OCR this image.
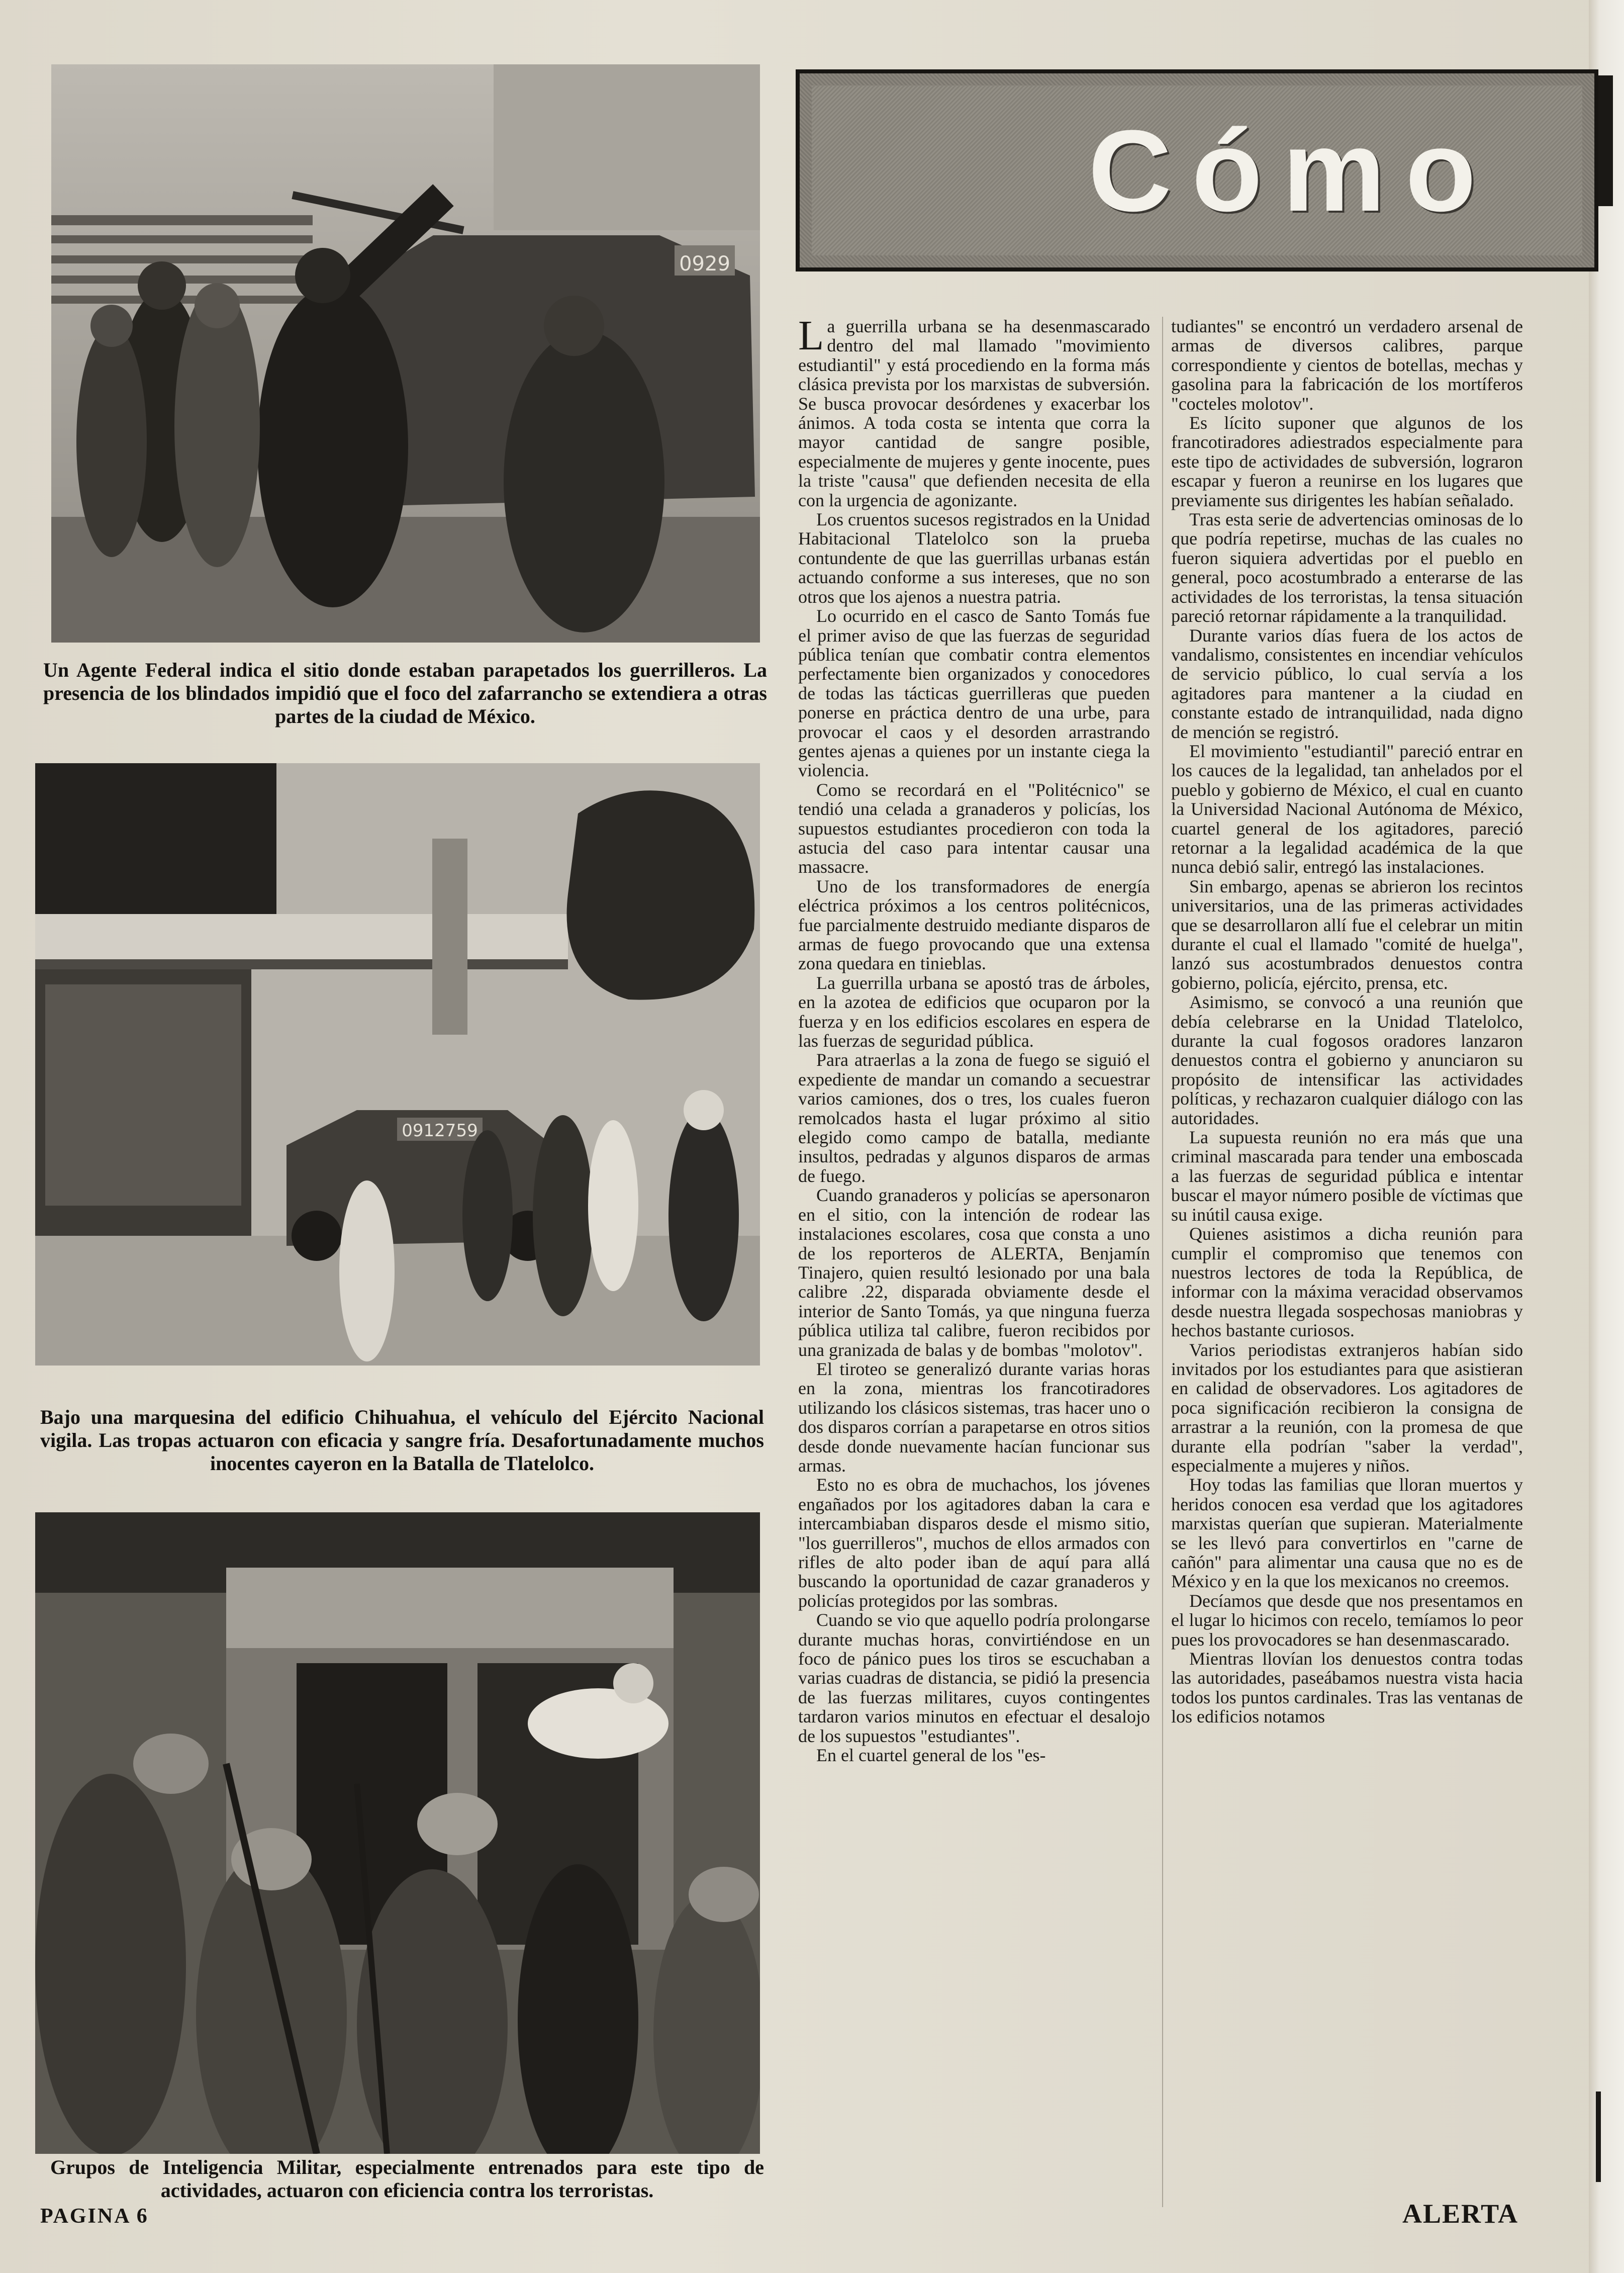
0929
Un Agente Federal indica el sitio donde estaban parapetados los guerrilleros. La presencia de los blindados impidió que el foco del zafarrancho se extendiera a otras partes de la ciudad de México.
0912759
Bajo una marquesina del edificio Chihuahua, el vehículo del Ejército Nacional vigila. Las tropas actuaron con eficacia y sangre fría. Desafortunadamente muchos inocentes cayeron en la Batalla de Tlatelolco.
Grupos de Inteligencia Militar, especialmente entrenados para este tipo de actividades, actuaron con eficiencia contra los terroristas.
Cómo

La guerrilla urbana se ha desenmascarado dentro del mal llamado "movimiento estudiantil" y está procediendo en la forma más clásica prevista por los marxistas de subversión. Se busca provocar desórdenes y exacerbar los ánimos. A toda costa se intenta que corra la mayor cantidad de sangre posible, especialmente de mujeres y gente inocente, pues la triste "causa" que defienden necesita de ella con la urgencia de agonizante.

Los cruentos sucesos registrados en la Unidad Habitacional Tlatelolco son la prueba contundente de que las guerrillas urbanas están actuando conforme a sus intereses, que no son otros que los ajenos a nuestra patria.

Lo ocurrido en el casco de Santo Tomás fue el primer aviso de que las fuerzas de seguridad pública tenían que combatir contra elementos perfectamente bien organizados y conocedores de todas las tácticas guerrilleras que pueden ponerse en práctica dentro de una urbe, para provocar el caos y el desorden arrastrando gentes ajenas a quienes por un instante ciega la violencia.

Como se recordará en el "Politécnico" se tendió una celada a granaderos y policías, los supuestos estudiantes procedieron con toda la astucia del caso para intentar causar una massacre.

Uno de los transformadores de energía eléctrica próximos a los centros politécnicos, fue parcialmente destruido mediante disparos de armas de fuego provocando que una extensa zona quedara en tinieblas.

La guerrilla urbana se apostó tras de árboles, en la azotea de edificios que ocuparon por la fuerza y en los edificios escolares en espera de las fuerzas de seguridad pública.

Para atraerlas a la zona de fuego se siguió el expediente de mandar un comando a secuestrar varios camiones, dos o tres, los cuales fueron remolcados hasta el lugar próximo al sitio elegido como campo de batalla, mediante insultos, pedradas y algunos disparos de armas de fuego.

Cuando granaderos y policías se apersonaron en el sitio, con la intención de rodear las instalaciones escolares, cosa que consta a uno de los reporteros de ALERTA, Benjamín Tinajero, quien resultó lesionado por una bala calibre .22, disparada obviamente desde el interior de Santo Tomás, ya que ninguna fuerza pública utiliza tal calibre, fueron recibidos por una granizada de balas y de bombas "molotov".

El tiroteo se generalizó durante varias horas en la zona, mientras los francotiradores utilizando los clásicos sistemas, tras hacer uno o dos disparos corrían a parapetarse en otros sitios desde donde nuevamente hacían funcionar sus armas.

Esto no es obra de muchachos, los jóvenes engañados por los agitadores daban la cara e intercambiaban disparos desde el mismo sitio, "los guerrilleros", muchos de ellos armados con rifles de alto poder iban de aquí para allá buscando la oportunidad de cazar granaderos y policías protegidos por las sombras.

Cuando se vio que aquello podría prolongarse durante muchas horas, convirtiéndose en un foco de pánico pues los tiros se escuchaban a varias cuadras de distancia, se pidió la presencia de las fuerzas militares, cuyos contingentes tardaron varios minutos en efectuar el desalojo de los supuestos "estudiantes".

En el cuartel general de los "es-

tudiantes" se encontró un verdadero arsenal de armas de diversos calibres, parque correspondiente y cientos de botellas, mechas y gasolina para la fabricación de los mortíferos "cocteles molotov".

Es lícito suponer que algunos de los francotiradores adiestrados especialmente para este tipo de actividades de subversión, lograron escapar y fueron a reunirse en los lugares que previamente sus dirigentes les habían señalado.

Tras esta serie de advertencias ominosas de lo que podría repetirse, muchas de las cuales no fueron siquiera advertidas por el pueblo en general, poco acostumbrado a enterarse de las actividades de los terroristas, la tensa situación pareció retornar rápidamente a la tranquilidad.

Durante varios días fuera de los actos de vandalismo, consistentes en incendiar vehículos de servicio público, lo cual servía a los agitadores para mantener a la ciudad en constante estado de intranquilidad, nada digno de mención se registró.

El movimiento "estudiantil" pareció entrar en los cauces de la legalidad, tan anhelados por el pueblo y gobierno de México, el cual en cuanto la Universidad Nacional Autónoma de México, cuartel general de los agitadores, pareció retornar a la legalidad académica de la que nunca debió salir, entregó las instalaciones.

Sin embargo, apenas se abrieron los recintos universitarios, una de las primeras actividades que se desarrollaron allí fue el celebrar un mitin durante el cual el llamado "comité de huelga", lanzó sus acostumbrados denuestos contra gobierno, policía, ejército, prensa, etc.

Asimismo, se convocó a una reunión que debía celebrarse en la Unidad Tlatelolco, durante la cual fogosos oradores lanzaron denuestos contra el gobierno y anunciaron su propósito de intensificar las actividades políticas, y rechazaron cualquier diálogo con las autoridades.

La supuesta reunión no era más que una criminal mascarada para tender una emboscada a las fuerzas de seguridad pública e intentar buscar el mayor número posible de víctimas que su inútil causa exige.

Quienes asistimos a dicha reunión para cumplir el compromiso que tenemos con nuestros lectores de toda la República, de informar con la máxima veracidad observamos desde nuestra llegada sospechosas maniobras y hechos bastante curiosos.

Varios periodistas extranjeros habían sido invitados por los estudiantes para que asistieran en calidad de observadores. Los agitadores de poca significación recibieron la consigna de arrastrar a la reunión, con la promesa de que durante ella podrían "saber la verdad", especialmente a mujeres y niños.

Hoy todas las familias que lloran muertos y heridos conocen esa verdad que los agitadores marxistas querían que supieran. Materialmente se les llevó para convertirlos en "carne de cañón" para alimentar una causa que no es de México y en la que los mexicanos no creemos.

Decíamos que desde que nos presentamos en el lugar lo hicimos con recelo, temíamos lo peor pues los provocadores se han desenmascarado.

Mientras llovían los denuestos contra todas las autoridades, paseábamos nuestra vista hacia todos los puntos cardinales. Tras las ventanas de los edificios notamos

PAGINA 6	ALERTA
